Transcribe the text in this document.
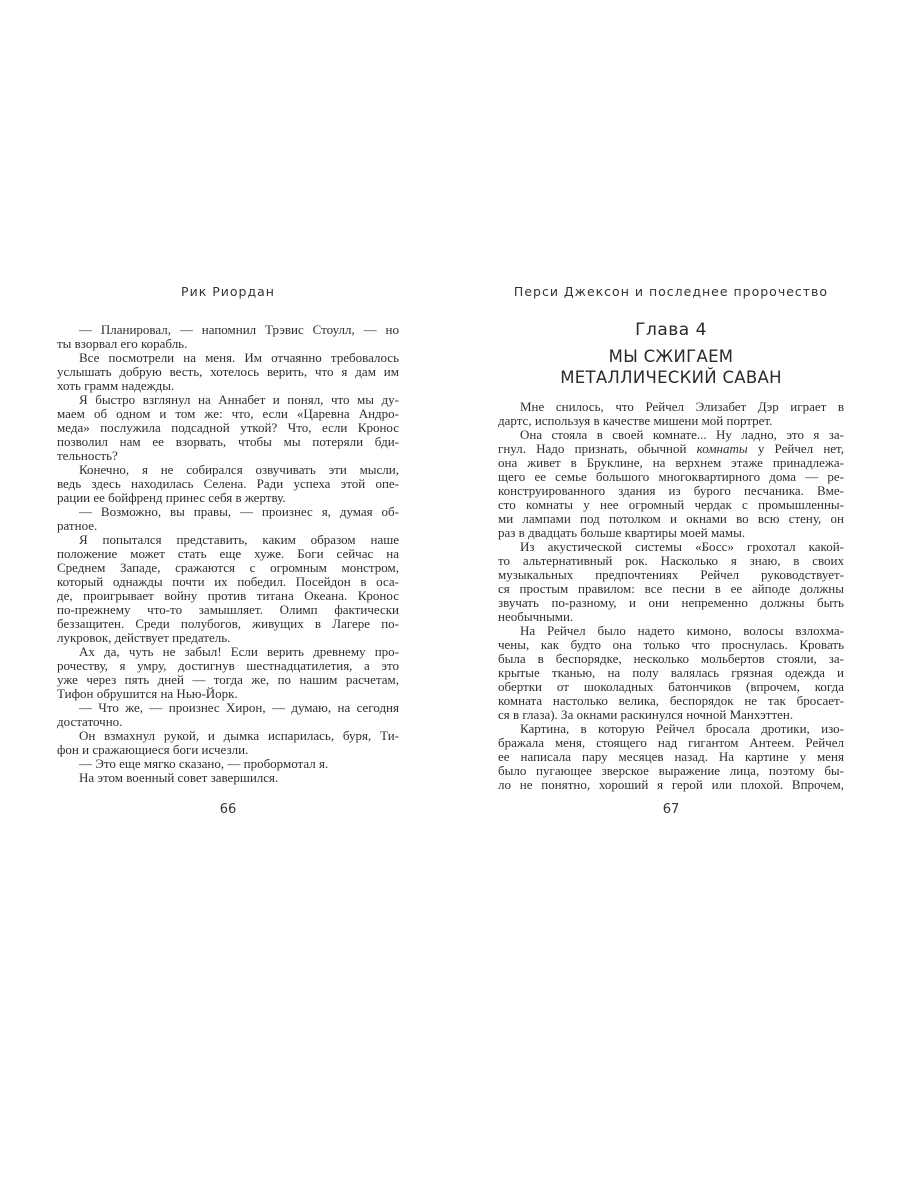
Рик Риордан
— Планировал, — напомнил Трэвис Стоулл, — но
ты взорвал его корабль.
Все посмотрели на меня. Им отчаянно требовалось
услышать добрую весть, хотелось верить, что я дам им
хоть грамм надежды.
Я быстро взглянул на Аннабет и понял, что мы ду-
маем об одном и том же: что, если «Царевна Андро-
меда» послужила подсадной уткой? Что, если Кронос
позволил нам ее взорвать, чтобы мы потеряли бди-
тельность?
Конечно, я не собирался озвучивать эти мысли,
ведь здесь находилась Селена. Ради успеха этой опе-
рации ее бойфренд принес себя в жертву.
— Возможно, вы правы, — произнес я, думая об-
ратное.
Я попытался представить, каким образом наше
положение может стать еще хуже. Боги сейчас на
Среднем Западе, сражаются с огромным монстром,
который однажды почти их победил. Посейдон в оса-
де, проигрывает войну против титана Океана. Кронос
по-прежнему что-то замышляет. Олимп фактически
беззащитен. Среди полубогов, живущих в Лагере по-
лукровок, действует предатель.
Ах да, чуть не забыл! Если верить древнему про-
рочеству, я умру, достигнув шестнадцатилетия, а это
уже через пять дней — тогда же, по нашим расчетам,
Тифон обрушится на Нью-Йорк.
— Что же, — произнес Хирон, — думаю, на сегодня
достаточно.
Он взмахнул рукой, и дымка испарилась, буря, Ти-
фон и сражающиеся боги исчезли.
— Это еще мягко сказано, — пробормотал я.
На этом военный совет завершился.
66
Перси Джексон и последнее пророчество
Глава 4
МЫ СЖИГАЕМ
МЕТАЛЛИЧЕСКИЙ САВАН
Мне снилось, что Рейчел Элизабет Дэр играет в
дартс, используя в качестве мишени мой портрет.
Она стояла в своей комнате... Ну ладно, это я за-
гнул. Надо признать, обычной комнаты у Рейчел нет,
она живет в Бруклине, на верхнем этаже принадлежа-
щего ее семье большого многоквартирного дома — ре-
конструированного здания из бурого песчаника. Вме-
сто комнаты у нее огромный чердак с промышленны-
ми лампами под потолком и окнами во всю стену, он
раз в двадцать больше квартиры моей мамы.
Из акустической системы «Босс» грохотал какой-
то альтернативный рок. Насколько я знаю, в своих
музыкальных предпочтениях Рейчел руководствует-
ся простым правилом: все песни в ее айподе должны
звучать по-разному, и они непременно должны быть
необычными.
На Рейчел было надето кимоно, волосы взлохма-
чены, как будто она только что проснулась. Кровать
была в беспорядке, несколько мольбертов стояли, за-
крытые тканью, на полу валялась грязная одежда и
обертки от шоколадных батончиков (впрочем, когда
комната настолько велика, беспорядок не так бросает-
ся в глаза). За окнами раскинулся ночной Манхэттен.
Картина, в которую Рейчел бросала дротики, изо-
бражала меня, стоящего над гигантом Антеем. Рейчел
ее написала пару месяцев назад. На картине у меня
было пугающее зверское выражение лица, поэтому бы-
ло не понятно, хороший я герой или плохой. Впрочем,
67
